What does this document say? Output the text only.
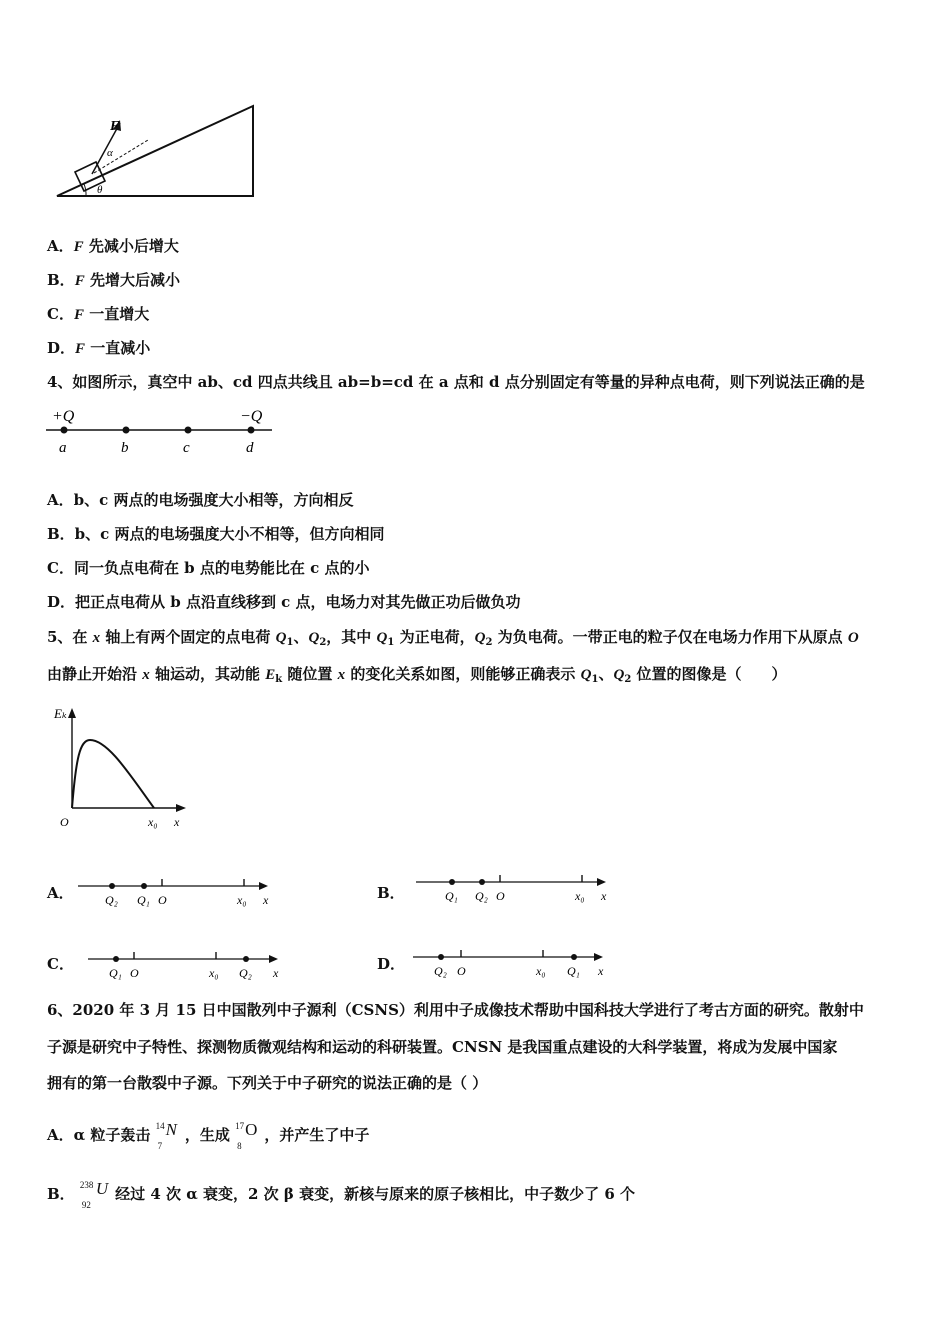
F
α
θ
A．F 先减小后增大
B．F 先增大后减小
C．F 一直增大
D．F 一直减小
4、如图所示，真空中 ab、cd 四点共线且 ab=b=cd 在 a 点和 d 点分别固定有等量的异种点电荷，则下列说法正确的是
+Q	−Q
a	b	c	d
A．b、c 两点的电场强度大小相等，方向相反
B．b、c 两点的电场强度大小不相等，但方向相同
C．同一负点电荷在 b 点的电势能比在 c 点的小
D．把正点电荷从 b 点沿直线移到 c 点，电场力对其先做正功后做负功
5、在 x 轴上有两个固定的点电荷 $Q_1$、$Q_2$，其中 $Q_1$ 为正电荷，$Q_2$ 为负电荷。一带正电的粒子仅在电场力作用下从原点 O
由静止开始沿 x 轴运动，其动能 $E_k$ 随位置 x 的变化关系如图，则能够正确表示 $Q_1$、$Q_2$ 位置的图像是（　　）
Eₖ
O	x₀ x
A．	Q₂ Q₁ O	x₀ x	B．	Q₁ Q₂ O	x₀ x
C．	Q₁ O	x₀ Q₂ x	D． Q₂ O	x₀ Q₁ x
6、2020 年 3 月 15 日中国散列中子源利（CSNS）利用中子成像技术帮助中国科技大学进行了考古方面的研究。散射中
子源是研究中子特性、探测物质微观结构和运动的科研装置。CNSN 是我国重点建设的大科学装置，将成为发展中国家
拥有的第一台散裂中子源。下列关于中子研究的说法正确的是（ ）
A．α 粒子轰击 14
7
N ，生成 17
8
O ，并产生了中子
B． 238
92
U 经过 4 次 α 衰变，2 次 β 衰变，新核与原来的原子核相比，中子数少了 6 个
